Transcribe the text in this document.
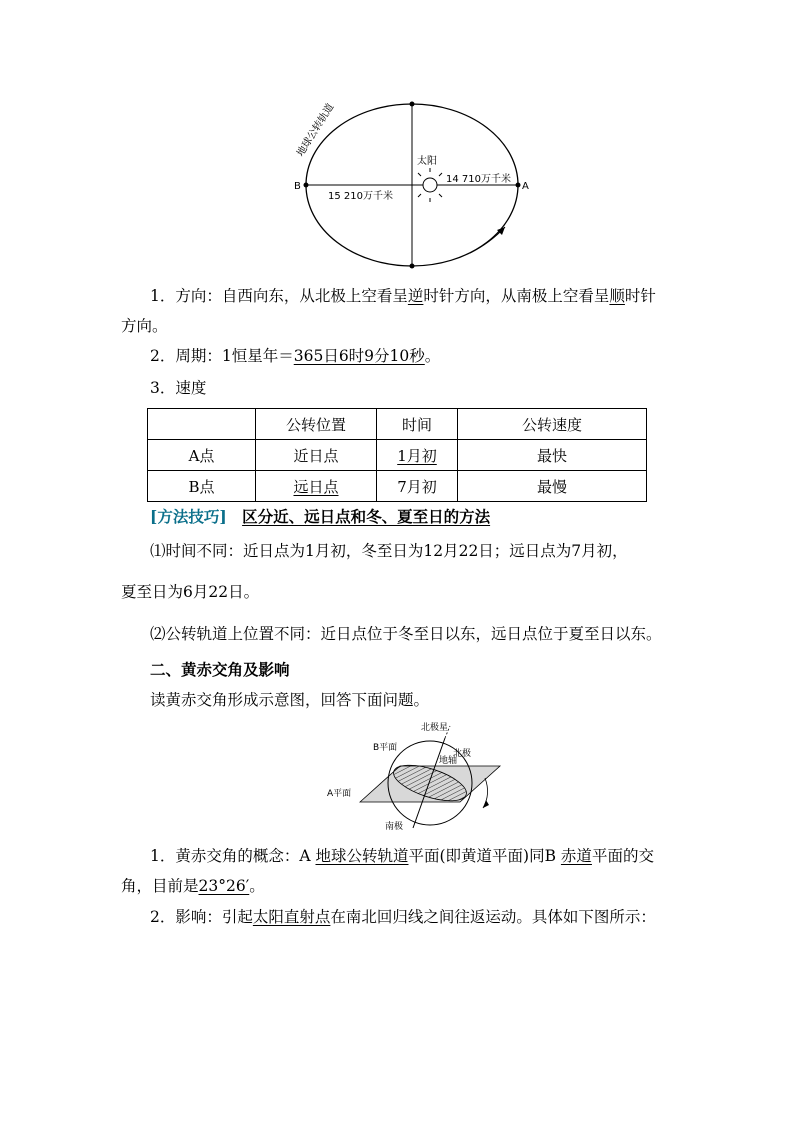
地球公转轨道
太阳
B	A
15 210万千米
14 710万千米
1．方向：自西向东，从北极上空看呈逆时针方向，从南极上空看呈顺时针
方向。
2．周期：1恒星年＝365日6时9分10秒。
3．速度
	公转位置	时间	公转速度
A点	近日点	1月初	最快
B点	远日点	7月初	最慢
[方法技巧] 区分近、远日点和冬、夏至日的方法
⑴时间不同：近日点为1月初，冬至日为12月22日；远日点为7月初，
夏至日为6月22日。
⑵公转轨道上位置不同：近日点位于冬至日以东，远日点位于夏至日以东。
二、黄赤交角及影响
读黄赤交角形成示意图，回答下面问题。
北极星
B平面
北极
地轴
A平面
南极
1．黄赤交角的概念：A 地球公转轨道平面(即黄道平面)同B 赤道平面的交
角，目前是23°26′。
2．影响：引起太阳直射点在南北回归线之间往返运动。具体如下图所示：
